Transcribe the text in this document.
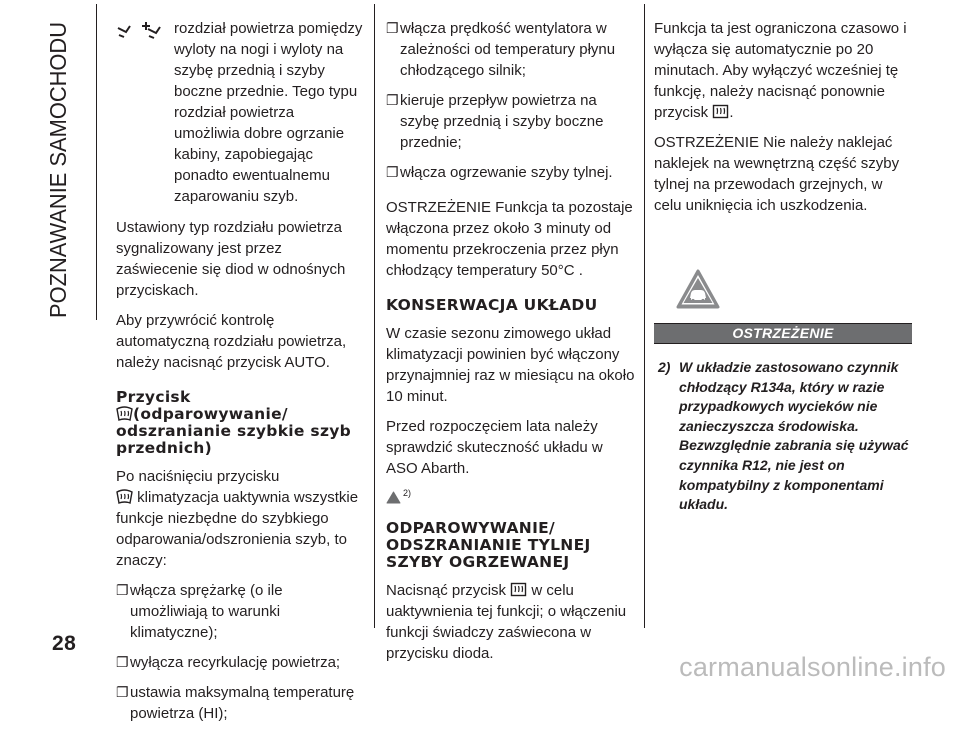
POZNAWANIE SAMOCHODU	rozdział powietrza pomiędzy wyloty na nogi i wyloty na szybę przednią i szyby boczne przednie. Tego typu rozdział powietrza umożliwia dobre ogrzanie kabiny, zapobiegając ponadto ewentualnemu zaparowaniu szyb.

Ustawiony typ rozdziału powietrza sygnalizowany jest przez zaświecenie się diod w odnośnych przyciskach.

Aby przywrócić kontrolę automatyczną rozdziału powietrza, należy nacisnąć przycisk AUTO.

Przycisk
(odparowywanie/ odszranianie szybkie szyb przednich)

Po naciśnięciu przycisku
klimatyzacja uaktywnia wszystkie funkcje niezbędne do szybkiego odparowania/odszronienia szyb, to znaczy:

❐ włącza sprężarkę (o ile umożliwiają to warunki klimatyczne);
❐ wyłącza recyrkulację powietrza;
❐ ustawia maksymalną temperaturę powietrza (HI);
❐ włącza prędkość wentylatora w zależności od temperatury płynu chłodzącego silnik;
❐ kieruje przepływ powietrza na szybę przednią i szyby boczne przednie;
❐ włącza ogrzewanie szyby tylnej.

OSTRZEŻENIE Funkcja ta pozostaje włączona przez około 3 minuty od momentu przekroczenia przez płyn chłodzący temperatury 50°C .

KONSERWACJA UKŁADU

W czasie sezonu zimowego układ klimatyzacji powinien być włączony przynajmniej raz w miesiącu na około 10 minut.

Przed rozpoczęciem lata należy sprawdzić skuteczność układu w ASO Abarth.

2)
ODPAROWYWANIE/ ODSZRANIANIE TYLNEJ SZYBY OGRZEWANEJ

Nacisnąć przycisk w celu uaktywnienia tej funkcji; o włączeniu funkcji świadczy zaświecona w przycisku dioda.

Funkcja ta jest ograniczona czasowo i wyłącza się automatycznie po 20 minutach. Aby wyłączyć wcześniej tę funkcję, należy nacisnąć ponownie przycisk .

OSTRZEŻENIE Nie należy naklejać naklejek na wewnętrzną część szyby tylnej na przewodach grzejnych, w celu uniknięcia ich uszkodzenia.

OSTRZEŻENIE
2) W układzie zastosowano czynnik
chłodzący R134a, który w razie przypadkowych wycieków nie zanieczyszcza środowiska. Bezwzględnie zabrania się używać czynnika R12, nie jest on kompatybilny z komponentami układu.
28
carmanualsonline.info
